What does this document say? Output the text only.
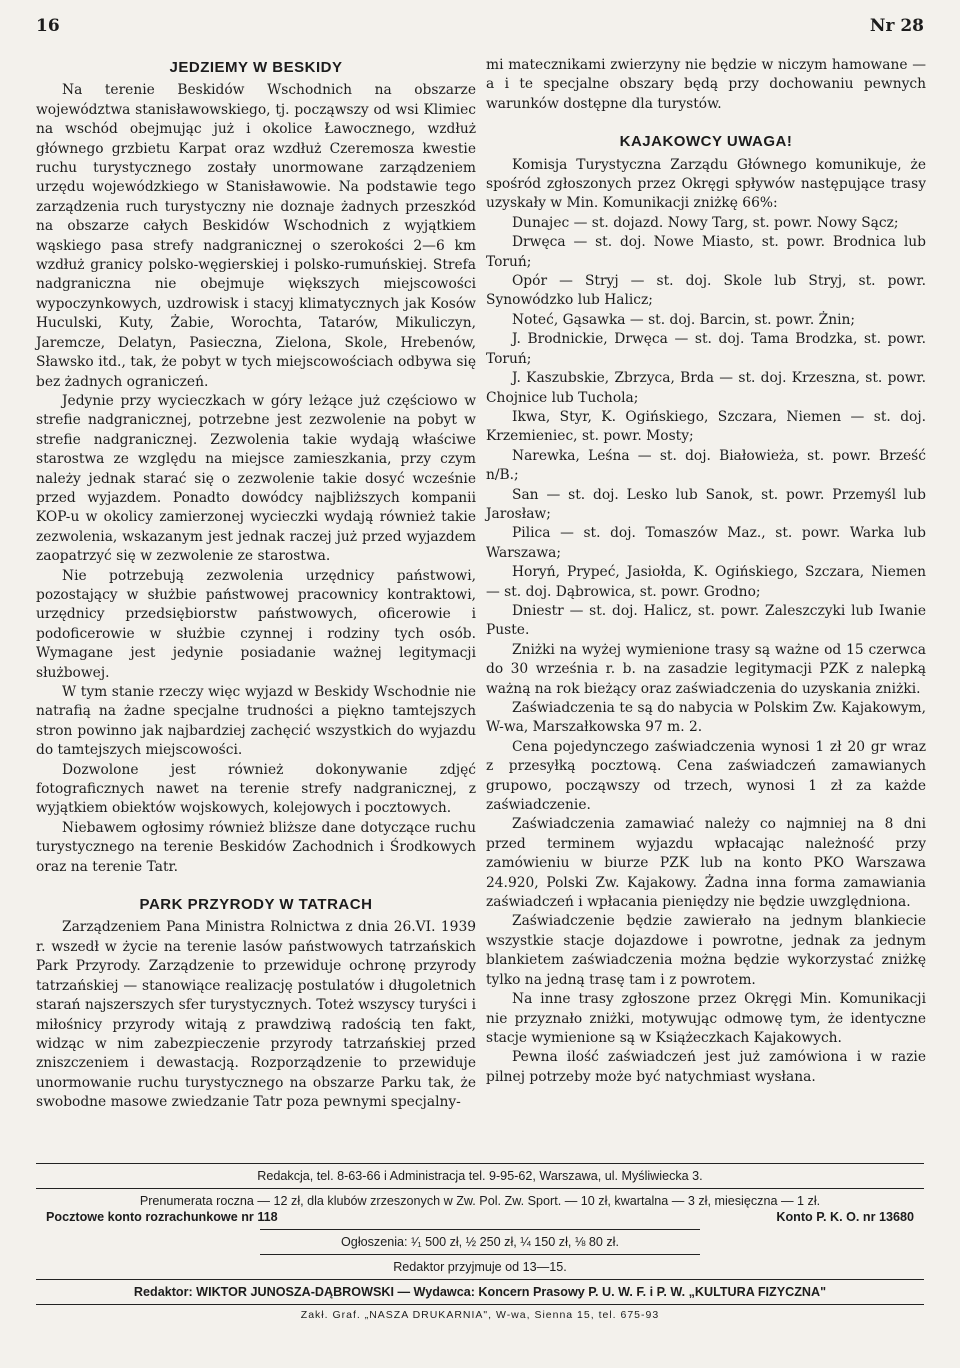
16	Nr 28
JEDZIEMY W BESKIDY

Na terenie Beskidów Wschodnich na obszarze województwa stanisławowskiego, tj. począwszy od wsi Klimiec na wschód obejmując już i okolice Ławocznego, wzdłuż głównego grzbietu Karpat oraz wzdłuż Czeremosza kwestie ruchu turystycznego zostały unormowane zarządzeniem urzędu wojewódzkiego w Stanisławowie. Na podstawie tego zarządzenia ruch turystyczny nie doznaje żadnych przeszkód na obszarze całych Beskidów Wschodnich z wyjątkiem wąskiego pasa strefy nadgranicznej o szerokości 2—6 km wzdłuż granicy polsko-węgierskiej i polsko-rumuńskiej. Strefa nadgraniczna nie obejmuje większych miejscowości wypoczynkowych, uzdrowisk i stacyj klimatycznych jak Kosów Huculski, Kuty, Żabie, Worochta, Tatarów, Mikuliczyn, Jaremcze, Delatyn, Pasieczna, Zielona, Skole, Hrebenów, Sławsko itd., tak, że pobyt w tych miejscowościach odbywa się bez żadnych ograniczeń.

Jedynie przy wycieczkach w góry leżące już częściowo w strefie nadgranicznej, potrzebne jest zezwolenie na pobyt w strefie nadgranicznej. Zezwolenia takie wydają właściwe starostwa ze względu na miejsce zamieszkania, przy czym należy jednak starać się o zezwolenie takie dosyć wcześnie przed wyjazdem. Ponadto dowódcy najbliższych kompanii KOP-u w okolicy zamierzonej wycieczki wydają również takie zezwolenia, wskazanym jest jednak raczej już przed wyjazdem zaopatrzyć się w zezwolenie ze starostwa.

Nie potrzebują zezwolenia urzędnicy państwowi, pozostający w służbie państwowej pracownicy kontraktowi, urzędnicy przedsiębiorstw państwowych, oficerowie i podoficerowie w służbie czynnej i rodziny tych osób. Wymagane jest jedynie posiadanie ważnej legitymacji służbowej.

W tym stanie rzeczy więc wyjazd w Beskidy Wschodnie nie natrafią na żadne specjalne trudności a piękno tamtejszych stron powinno jak najbardziej zachęcić wszystkich do wyjazdu do tamtejszych miejscowości.

Dozwolone jest również dokonywanie zdjęć fotograficznych nawet na terenie strefy nadgranicznej, z wyjątkiem obiektów wojskowych, kolejowych i pocztowych.

Niebawem ogłosimy również bliższe dane dotyczące ruchu turystycznego na terenie Beskidów Zachodnich i Środkowych oraz na terenie Tatr.

PARK PRZYRODY W TATRACH

Zarządzeniem Pana Ministra Rolnictwa z dnia 26.VI. 1939 r. wszedł w życie na terenie lasów państwowych tatrzańskich Park Przyrody. Zarządzenie to przewiduje ochronę przyrody tatrzańskiej — stanowiące realizację postulatów i długoletnich starań najszerszych sfer turystycznych. Toteż wszyscy turyści i miłośnicy przyrody witają z prawdziwą radością ten fakt, widząc w nim zabezpieczenie przyrody tatrzańskiej przed zniszczeniem i dewastacją. Rozporządzenie to przewiduje unormowanie ruchu turystycznego na obszarze Parku tak, że swobodne masowe zwiedzanie Tatr poza pewnymi specjalny-

mi matecznikami zwierzyny nie będzie w niczym hamowane — a i te specjalne obszary będą przy dochowaniu pewnych warunków dostępne dla turystów.

KAJAKOWCY UWAGA!

Komisja Turystyczna Zarządu Głównego komunikuje, że spośród zgłoszonych przez Okręgi spływów następujące trasy uzyskały w Min. Komunikacji zniżkę 66%:

Dunajec — st. dojazd. Nowy Targ, st. powr. Nowy Sącz;

Drwęca — st. doj. Nowe Miasto, st. powr. Brodnica lub Toruń;

Opór — Stryj — st. doj. Skole lub Stryj, st. powr. Synowódzko lub Halicz;

Noteć, Gąsawka — st. doj. Barcin, st. powr. Żnin;

J. Brodnickie, Drwęca — st. doj. Tama Brodzka, st. powr. Toruń;

J. Kaszubskie, Zbrzyca, Brda — st. doj. Krzeszna, st. powr. Chojnice lub Tuchola;

Ikwa, Styr, K. Ogińskiego, Szczara, Niemen — st. doj. Krzemieniec, st. powr. Mosty;

Narewka, Leśna — st. doj. Białowieża, st. powr. Brześć n/B.;

San — st. doj. Lesko lub Sanok, st. powr. Przemyśl lub Jarosław;

Pilica — st. doj. Tomaszów Maz., st. powr. Warka lub Warszawa;

Horyń, Prypeć, Jasiołda, K. Ogińskiego, Szczara, Niemen — st. doj. Dąbrowica, st. powr. Grodno;

Dniestr — st. doj. Halicz, st. powr. Zaleszczyki lub Iwanie Puste.

Zniżki na wyżej wymienione trasy są ważne od 15 czerwca do 30 września r. b. na zasadzie legitymacji PZK z nalepką ważną na rok bieżący oraz zaświadczenia do uzyskania zniżki.

Zaświadczenia te są do nabycia w Polskim Zw. Kajakowym, W-wa, Marszałkowska 97 m. 2.

Cena pojedynczego zaświadczenia wynosi 1 zł 20 gr wraz z przesyłką pocztową. Cena zaświadczeń zamawianych grupowo, począwszy od trzech, wynosi 1 zł za każde zaświadczenie.

Zaświadczenia zamawiać należy co najmniej na 8 dni przed terminem wyjazdu wpłacając należność przy zamówieniu w biurze PZK lub na konto PKO Warszawa 24.920, Polski Zw. Kajakowy. Żadna inna forma zamawiania zaświadczeń i wpłacania pieniędzy nie będzie uwzględniona.

Zaświadczenie będzie zawierało na jednym blankiecie wszystkie stacje dojazdowe i powrotne, jednak za jednym blankietem zaświadczenia można będzie wykorzystać zniżkę tylko na jedną trasę tam i z powrotem.

Na inne trasy zgłoszone przez Okręgi Min. Komunikacji nie przyznało zniżki, motywując odmowę tym, że identyczne stacje wymienione są w Książeczkach Kajakowych.

Pewna ilość zaświadczeń jest już zamówiona i w razie pilnej potrzeby może być natychmiast wysłana.

Redakcja, tel. 8-63-66 i Administracja tel. 9-95-62, Warszawa, ul. Myśliwiecka 3.
Prenumerata roczna — 12 zł, dla klubów zrzeszonych w Zw. Pol. Zw. Sport. — 10 zł, kwartalna — 3 zł, miesięczna — 1 zł.
Pocztowe konto rozrachunkowe nr 118	Konto P. K. O. nr 13680
Ogłoszenia: ¹⁄₁ 500 zł, ½ 250 zł, ¼ 150 zł, ⅛ 80 zł.
Redaktor przyjmuje od 13—15.
Redaktor: WIKTOR JUNOSZA-DĄBROWSKI — Wydawca: Koncern Prasowy P. U. W. F. i P. W. „KULTURA FIZYCZNA"
Zakł. Graf. „NASZA DRUKARNIA", W-wa, Sienna 15, tel. 675-93
